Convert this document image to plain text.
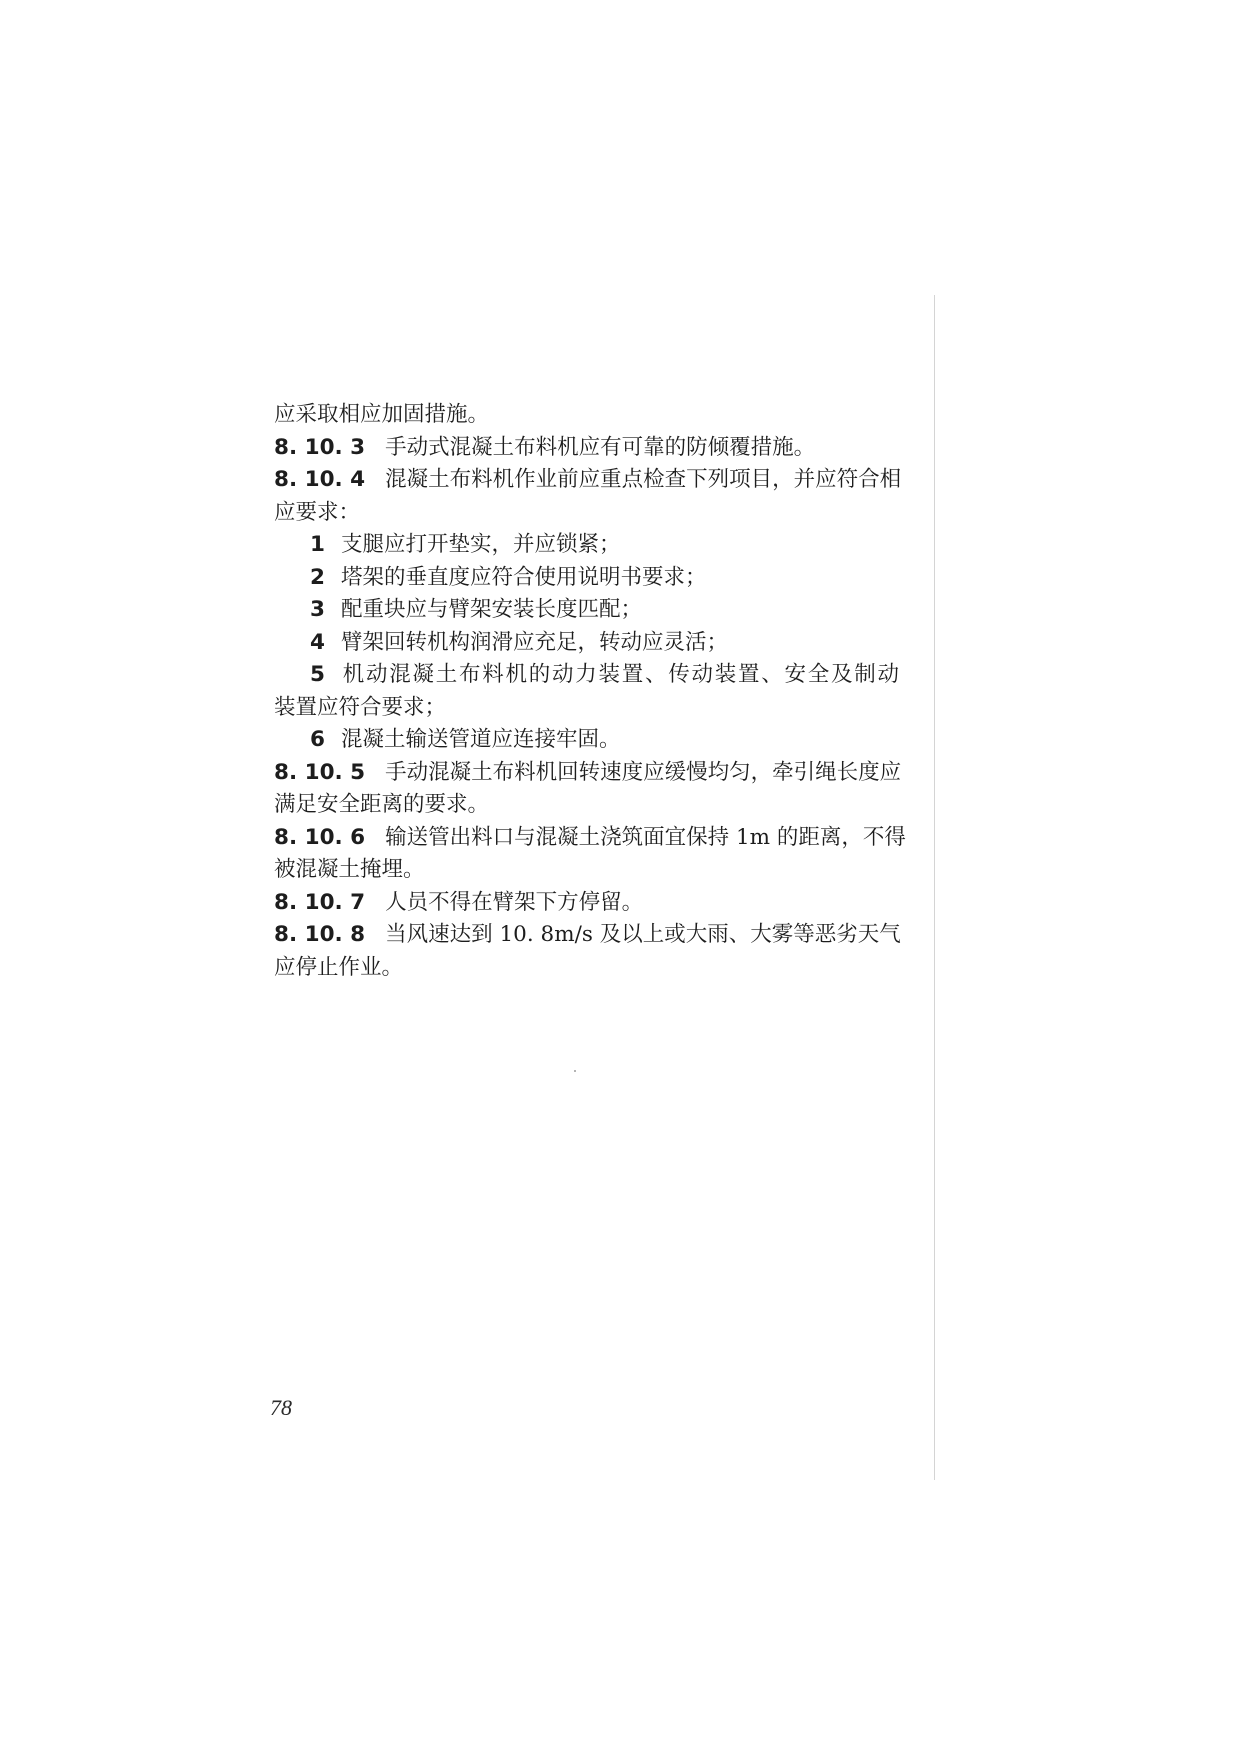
应采取相应加固措施。

8. 10. 3 手动式混凝土布料机应有可靠的防倾覆措施。

8. 10. 4 混凝土布料机作业前应重点检查下列项目，并应符合相

应要求：

1 支腿应打开垫实，并应锁紧；

2 塔架的垂直度应符合使用说明书要求；

3 配重块应与臂架安装长度匹配；

4 臂架回转机构润滑应充足，转动应灵活；

5 机动混凝土布料机的动力装置、传动装置、安全及制动

装置应符合要求；

6 混凝土输送管道应连接牢固。

8. 10. 5 手动混凝土布料机回转速度应缓慢均匀，牵引绳长度应

满足安全距离的要求。

8. 10. 6 输送管出料口与混凝土浇筑面宜保持 1m 的距离，不得

被混凝土掩埋。

8. 10. 7 人员不得在臂架下方停留。

8. 10. 8 当风速达到 10. 8m/s 及以上或大雨、大雾等恶劣天气

应停止作业。

78
